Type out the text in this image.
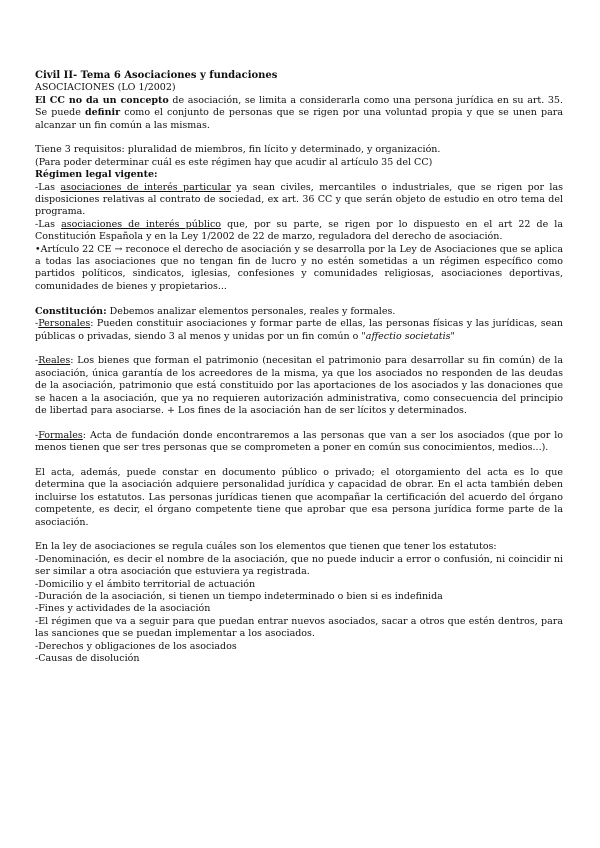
Civil II- Tema 6 Asociaciones y fundaciones

ASOCIACIONES (LO 1/2002)

El CC no da un concepto de asociación, se limita a considerarla como una persona jurídica en su art. 35. Se puede definir como el conjunto de personas que se rigen por una voluntad propia y que se unen para alcanzar un fin común a las mismas.

Tiene 3 requisitos: pluralidad de miembros, fin lícito y determinado, y organización.

(Para poder determinar cuál es este régimen hay que acudir al artículo 35 del CC)

Régimen legal vigente:

-Las asociaciones de interés particular ya sean civiles, mercantiles o industriales, que se rigen por las disposiciones relativas al contrato de sociedad, ex art. 36 CC y que serán objeto de estudio en otro tema del programa.

-Las asociaciones de interés público que, por su parte, se rigen por lo dispuesto en el art 22 de la Constitución Española y en la Ley 1/2002 de 22 de marzo, reguladora del derecho de asociación.

•Artículo 22 CE → reconoce el derecho de asociación y se desarrolla por la Ley de Asociaciones que se aplica a todas las asociaciones que no tengan fin de lucro y no estén sometidas a un régimen específico como partidos políticos, sindicatos, iglesias, confesiones y comunidades religiosas, asociaciones deportivas, comunidades de bienes y propietarios...

Constitución: Debemos analizar elementos personales, reales y formales.

-Personales: Pueden constituir asociaciones y formar parte de ellas, las personas físicas y las jurídicas, sean públicas o privadas, siendo 3 al menos y unidas por un fin común o "affectio societatis"

-Reales: Los bienes que forman el patrimonio (necesitan el patrimonio para desarrollar su fin común) de la asociación, única garantía de los acreedores de la misma, ya que los asociados no responden de las deudas de la asociación, patrimonio que está constituido por las aportaciones de los asociados y las donaciones que se hacen a la asociación, que ya no requieren autorización administrativa, como consecuencia del principio de libertad para asociarse. + Los fines de la asociación han de ser lícitos y determinados.

-Formales: Acta de fundación donde encontraremos a las personas que van a ser los asociados (que por lo menos tienen que ser tres personas que se comprometen a poner en común sus conocimientos, medios...).

El acta, además, puede constar en documento público o privado; el otorgamiento del acta es lo que determina que la asociación adquiere personalidad jurídica y capacidad de obrar. En el acta también deben incluirse los estatutos. Las personas jurídicas tienen que acompañar la certificación del acuerdo del órgano competente, es decir, el órgano competente tiene que aprobar que esa persona jurídica forme parte de la asociación.

En la ley de asociaciones se regula cuáles son los elementos que tienen que tener los estatutos:

-Denominación, es decir el nombre de la asociación, que no puede inducir a error o confusión, ni coincidir ni ser similar a otra asociación que estuviera ya registrada.

-Domicilio y el ámbito territorial de actuación

-Duración de la asociación, si tienen un tiempo indeterminado o bien si es indefinida

-Fines y actividades de la asociación

-El régimen que va a seguir para que puedan entrar nuevos asociados, sacar a otros que estén dentros, para las sanciones que se puedan implementar a los asociados.

-Derechos y obligaciones de los asociados

-Causas de disolución
